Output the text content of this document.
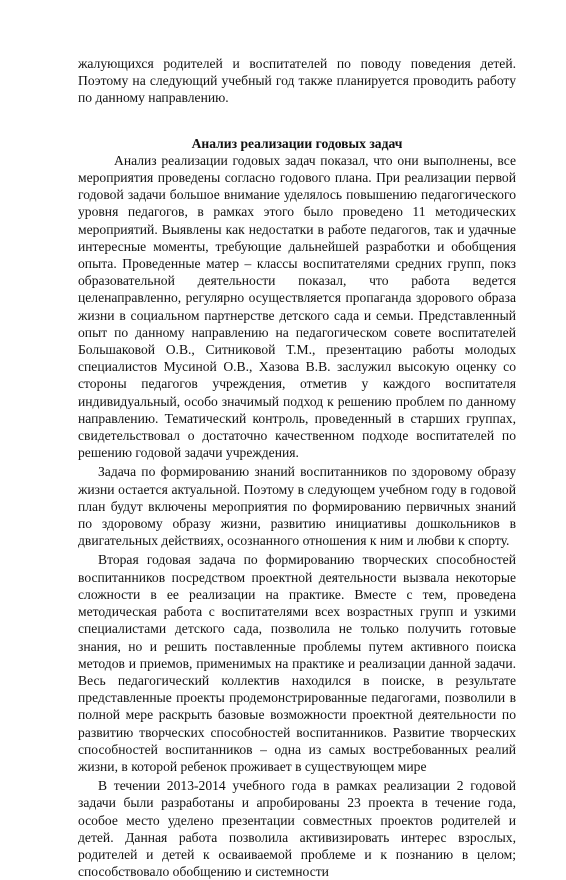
жалующихся родителей и воспитателей по поводу поведения детей. Поэтому на следующий учебный год также планируется проводить работу по данному направлению.

Анализ реализации годовых задач

Анализ реализации годовых задач показал, что они выполнены, все мероприятия проведены согласно годового плана. При реализации первой годовой задачи большое внимание уделялось повышению педагогического уровня педагогов, в рамках этого было проведено 11 методических мероприятий. Выявлены как недостатки в работе педагогов, так и удачные интересные моменты, требующие дальнейшей разработки и обобщения опыта. Проведенные матер – классы воспитателями средних групп, покз образовательной деятельности показал, что работа ведется целенаправленно, регулярно осуществляется пропаганда здорового образа жизни в социальном партнерстве детского сада и семьи. Представленный опыт по данному направлению на педагогическом совете воспитателей Большаковой О.В., Ситниковой Т.М., презентацию работы молодых специалистов Мусиной О.В., Хазова В.В. заслужил высокую оценку со стороны педагогов учреждения, отметив у каждого воспитателя индивидуальный, особо значимый подход к решению проблем по данному направлению. Тематический контроль, проведенный в старших группах, свидетельствовал о достаточно качественном подходе воспитателей по решению годовой задачи учреждения.

Задача по формированию знаний воспитанников по здоровому образу жизни остается актуальной. Поэтому в следующем учебном году в годовой план будут включены мероприятия по формированию первичных знаний по здоровому образу жизни, развитию инициативы дошкольников в двигательных действиях, осознанного отношения к ним и любви к спорту.

Вторая годовая задача по формированию творческих способностей воспитанников посредством проектной деятельности вызвала некоторые сложности в ее реализации на практике. Вместе с тем, проведена методическая работа с воспитателями всех возрастных групп и узкими специалистами детского сада, позволила не только получить готовые знания, но и решить поставленные проблемы путем активного поиска методов и приемов, применимых на практике и реализации данной задачи. Весь педагогический коллектив находился в поиске, в результате представленные проекты продемонстрированные педагогами, позволили в полной мере раскрыть базовые возможности проектной деятельности по развитию творческих способностей воспитанников. Развитие творческих способностей воспитанников – одна из самых востребованных реалий жизни, в которой ребенок проживает в существующем мире

В течении 2013-2014 учебного года в рамках реализации 2 годовой задачи были разработаны и апробированы 23 проекта в течение года, особое место уделено презентации совместных проектов родителей и детей. Данная работа позволила активизировать интерес взрослых, родителей и детей к осваиваемой проблеме и к познанию в целом; способствовало обобщению и системности
